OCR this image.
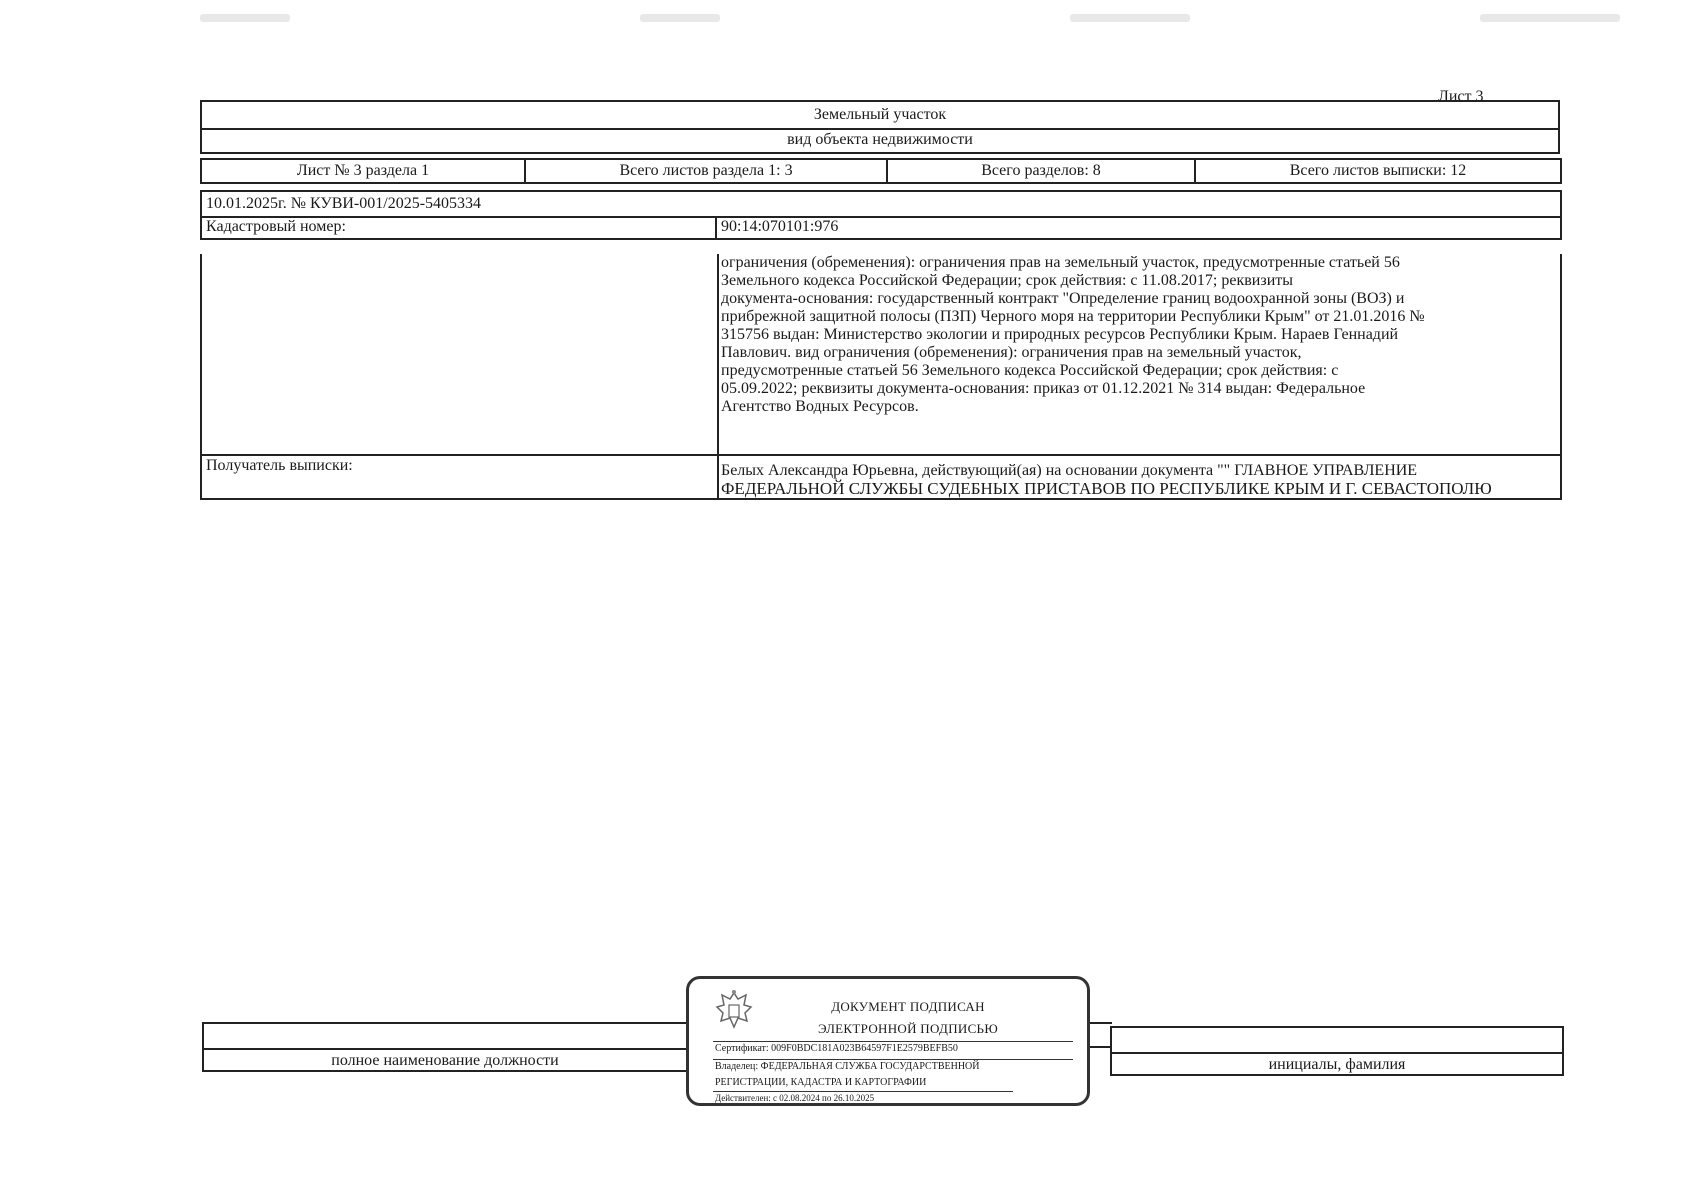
Лист 3
Земельный участок
вид объекта недвижимости
Лист № 3 раздела 1	Всего листов раздела 1: 3	Всего разделов: 8	Всего листов выписки: 12
10.01.2025г. № КУВИ-001/2025-5405334
Кадастровый номер:	90:14:070101:976
ограничения (обременения): ограничения прав на земельный участок, предусмотренные статьей 56
Земельного кодекса Российской Федерации; срок действия: с 11.08.2017; реквизиты
документа-основания: государственный контракт "Определение границ водоохранной зоны (ВОЗ) и
прибрежной защитной полосы (ПЗП) Черного моря на территории Республики Крым" от 21.01.2016 №
315756 выдан: Министерство экологии и природных ресурсов Республики Крым. Нараев Геннадий
Павлович. вид ограничения (обременения): ограничения прав на земельный участок,
предусмотренные статьей 56 Земельного кодекса Российской Федерации; срок действия: с
05.09.2022; реквизиты документа-основания: приказ от 01.12.2021 № 314 выдан: Федеральное
Агентство Водных Ресурсов.
Получатель выписки:	Белых Александра Юрьевна, действующий(ая) на основании документа "" ГЛАВНОЕ УПРАВЛЕНИЕ
ФЕДЕРАЛЬНОЙ СЛУЖБЫ СУДЕБНЫХ ПРИСТАВОВ ПО РЕСПУБЛИКЕ КРЫМ И Г. СЕВАСТОПОЛЮ
полное наименование должности	инициалы, фамилия
ДОКУМЕНТ ПОДПИСАН
ЭЛЕКТРОННОЙ ПОДПИСЬЮ
Сертификат: 009F0BDC181A023B64597F1E2579BEFB50
Владелец: ФЕДЕРАЛЬНАЯ СЛУЖБА ГОСУДАРСТВЕННОЙ
РЕГИСТРАЦИИ, КАДАСТРА И КАРТОГРАФИИ
Действителен: с 02.08.2024 по 26.10.2025
